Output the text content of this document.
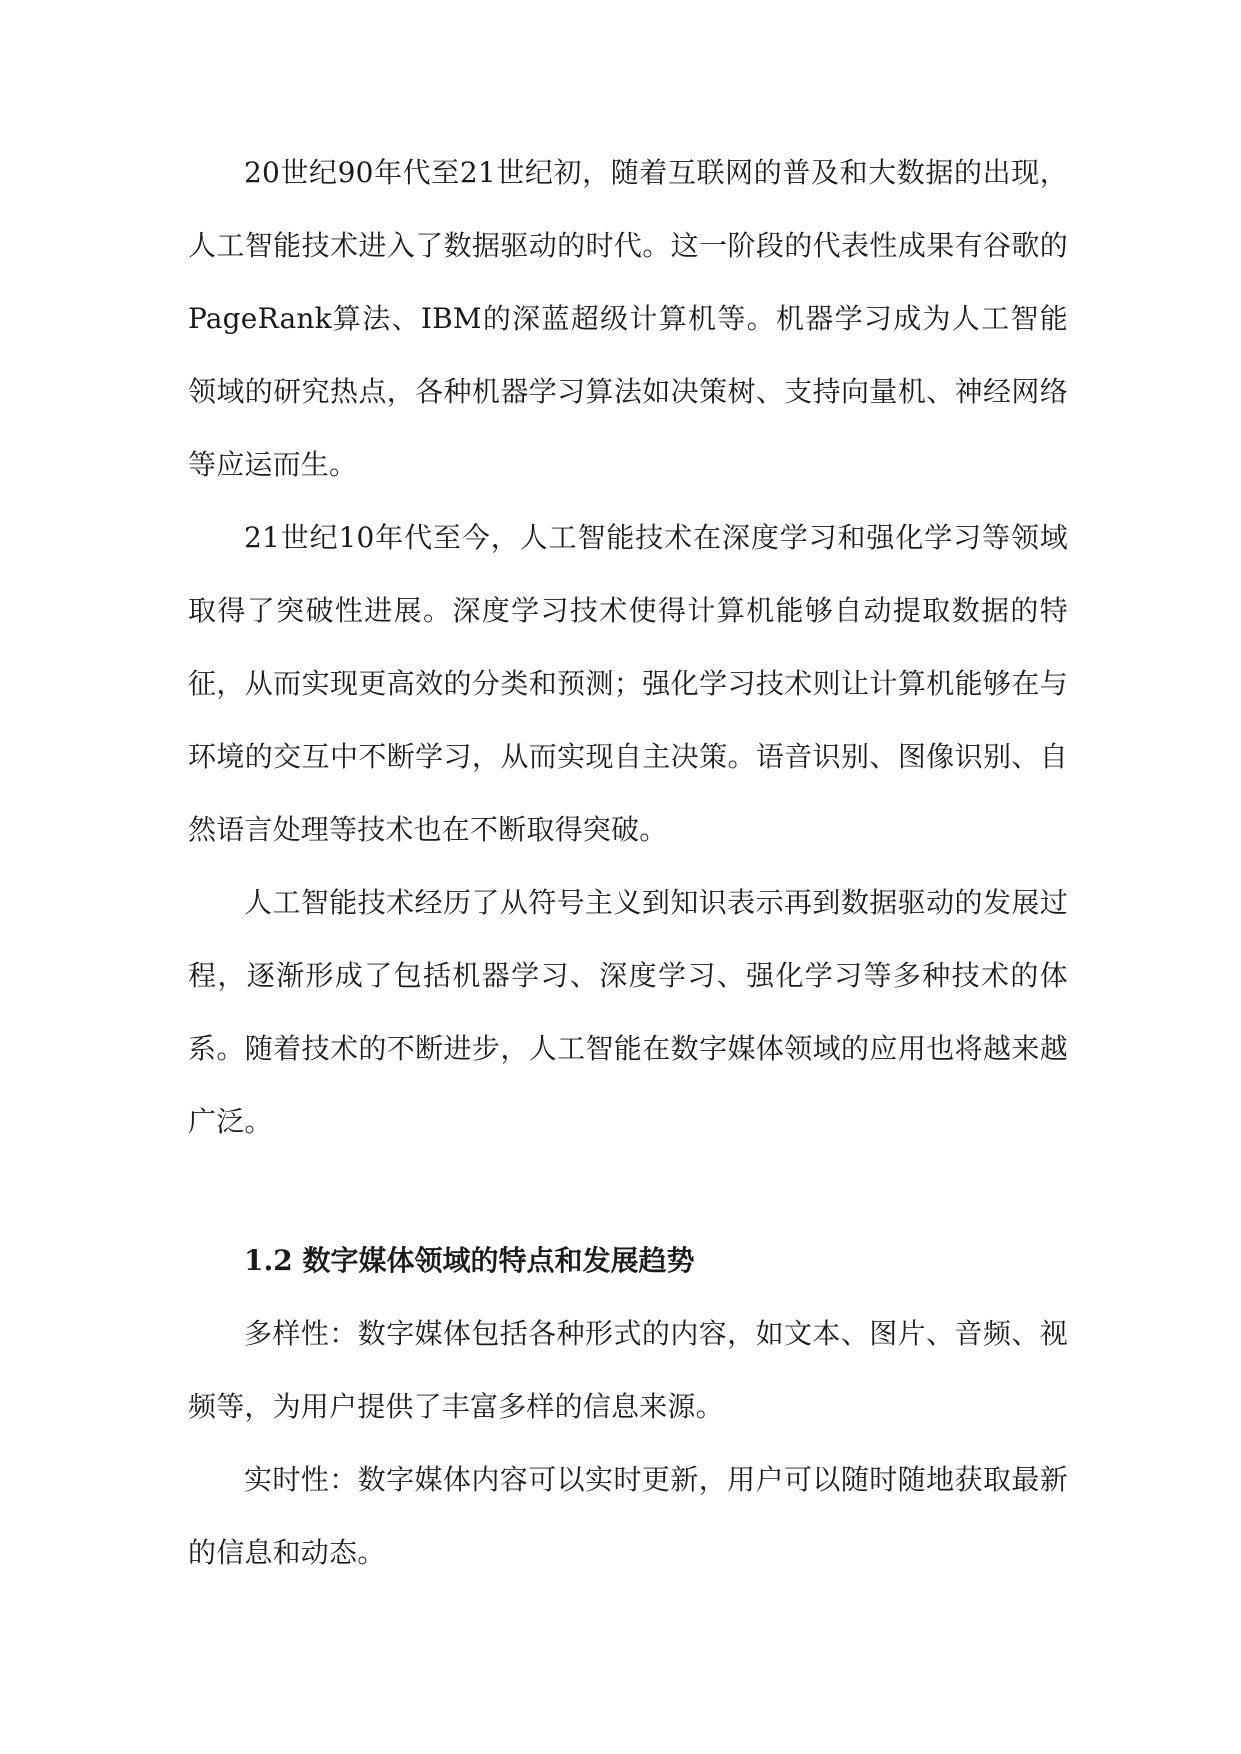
20世纪90年代至21世纪初，随着互联网的普及和大数据的出现，人工智能技术进入了数据驱动的时代。这一阶段的代表性成果有谷歌的PageRank算法、IBM的深蓝超级计算机等。机器学习成为人工智能领域的研究热点，各种机器学习算法如决策树、支持向量机、神经网络等应运而生。

21世纪10年代至今，人工智能技术在深度学习和强化学习等领域取得了突破性进展。深度学习技术使得计算机能够自动提取数据的特征，从而实现更高效的分类和预测；强化学习技术则让计算机能够在与环境的交互中不断学习，从而实现自主决策。语音识别、图像识别、自然语言处理等技术也在不断取得突破。

人工智能技术经历了从符号主义到知识表示再到数据驱动的发展过程，逐渐形成了包括机器学习、深度学习、强化学习等多种技术的体系。随着技术的不断进步，人工智能在数字媒体领域的应用也将越来越广泛。

1.2 数字媒体领域的特点和发展趋势

多样性：数字媒体包括各种形式的内容，如文本、图片、音频、视频等，为用户提供了丰富多样的信息来源。

实时性：数字媒体内容可以实时更新，用户可以随时随地获取最新的信息和动态。
